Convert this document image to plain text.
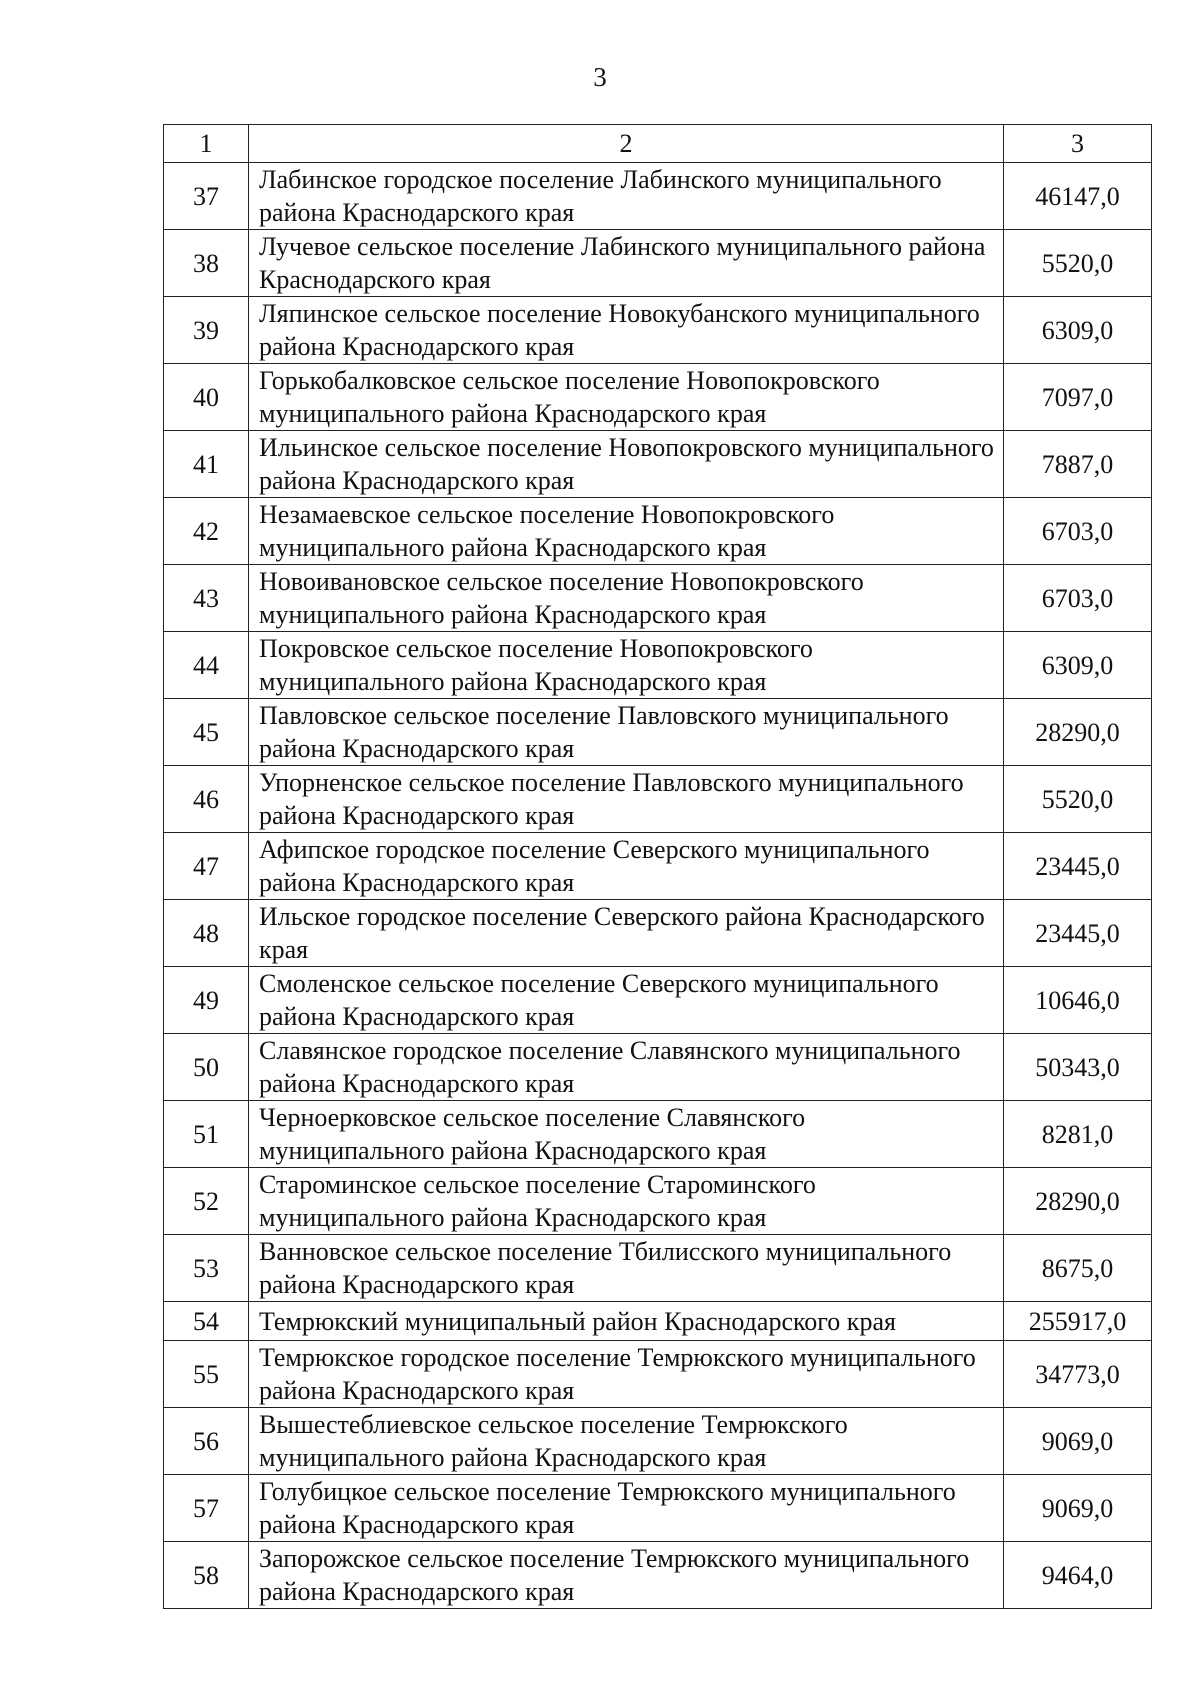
3
1	2	3
37	Лабинское городское поселение Лабинского муниципального района Краснодарского края	46147,0
38	Лучевое сельское поселение Лабинского муниципального района Краснодарского края	5520,0
39	Ляпинское сельское поселение Новокубанского муниципального района Краснодарского края	6309,0
40	Горькобалковское сельское поселение Новопокровского муниципального района Краснодарского края	7097,0
41	Ильинское сельское поселение Новопокровского муниципального района Краснодарского края	7887,0
42	Незамаевское сельское поселение Новопокровского муниципального района Краснодарского края	6703,0
43	Новоивановское сельское поселение Новопокровского муниципального района Краснодарского края	6703,0
44	Покровское сельское поселение Новопокровского муниципального района Краснодарского края	6309,0
45	Павловское сельское поселение Павловского муниципального района Краснодарского края	28290,0
46	Упорненское сельское поселение Павловского муниципального района Краснодарского края	5520,0
47	Афипское городское поселение Северского муниципального района Краснодарского края	23445,0
48	Ильское городское поселение Северского района Краснодарского края	23445,0
49	Смоленское сельское поселение Северского муниципального района Краснодарского края	10646,0
50	Славянское городское поселение Славянского муниципального района Краснодарского края	50343,0
51	Черноерковское сельское поселение Славянского муниципального района Краснодарского края	8281,0
52	Староминское сельское поселение Староминского муниципального района Краснодарского края	28290,0
53	Ванновское сельское поселение Тбилисского муниципального района Краснодарского края	8675,0
54	Темрюкский муниципальный район Краснодарского края	255917,0
55	Темрюкское городское поселение Темрюкского муниципального района Краснодарского края	34773,0
56	Вышестеблиевское сельское поселение Темрюкского муниципального района Краснодарского края	9069,0
57	Голубицкое сельское поселение Темрюкского муниципального района Краснодарского края	9069,0
58	Запорожское сельское поселение Темрюкского муниципального района Краснодарского края	9464,0
